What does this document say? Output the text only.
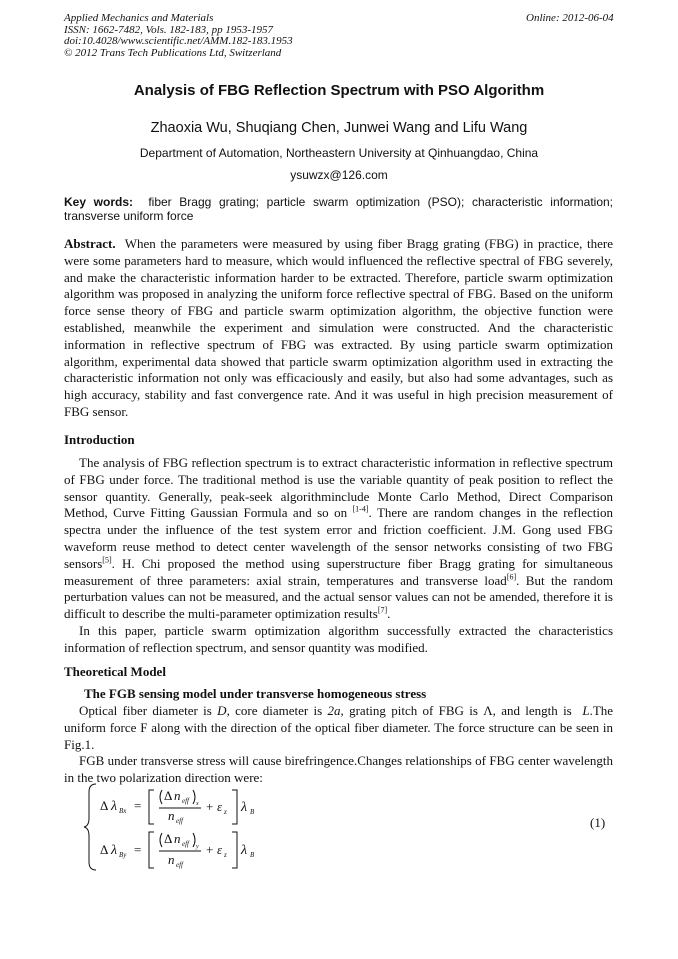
Applied Mechanics and Materials
ISSN: 1662-7482, Vols. 182-183, pp 1953-1957
doi:10.4028/www.scientific.net/AMM.182-183.1953
© 2012 Trans Tech Publications Ltd, Switzerland
Online: 2012-06-04
Analysis of FBG Reflection Spectrum with PSO Algorithm
Zhaoxia Wu, Shuqiang Chen, Junwei Wang and Lifu Wang
Department of Automation, Northeastern University at Qinhuangdao, China
ysuwzx@126.com
Key words: fiber Bragg grating; particle swarm optimization (PSO); characteristic information; transverse uniform force
Abstract. When the parameters were measured by using fiber Bragg grating (FBG) in practice, there were some parameters hard to measure, which would influenced the reflective spectral of FBG severely, and make the characteristic information harder to be extracted. Therefore, particle swarm optimization algorithm was proposed in analyzing the uniform force reflective spectral of FBG. Based on the uniform force sense theory of FBG and particle swarm optimization algorithm, the objective function were established, meanwhile the experiment and simulation were constructed. And the characteristic information in reflective spectrum of FBG was extracted. By using particle swarm optimization algorithm, experimental data showed that particle swarm optimization algorithm used in extracting the characteristic information not only was efficaciously and easily, but also had some advantages, such as high accuracy, stability and fast convergence rate. And it was useful in high precision measurement of FBG sensor.
Introduction

The analysis of FBG reflection spectrum is to extract characteristic information in reflective spectrum of FBG under force. The traditional method is use the variable quantity of peak position to reflect the sensor quantity. Generally, peak-seek algorithminclude Monte Carlo Method, Direct Comparison Method, Curve Fitting Gaussian Formula and so on [1-4]. There are random changes in the reflection spectra under the influence of the test system error and friction coefficient. J.M. Gong used FBG waveform reuse method to detect center wavelength of the sensor networks consisting of two FBG sensors[5]. H. Chi proposed the method using superstructure fiber Bragg grating for simultaneous measurement of three parameters: axial strain, temperatures and transverse load[6]. But the random perturbation values can not be measured, and the actual sensor values can not be amended, therefore it is difficult to describe the multi-parameter optimization results[7].

In this paper, particle swarm optimization algorithm successfully extracted the characteristics information of reflection spectrum, and sensor quantity was modified.

Theoretical Model
The FGB sensing model under transverse homogeneous stress

Optical fiber diameter is D, core diameter is 2a, grating pitch of FBG is Λ, and length is L.The uniform force F along with the direction of the optical fiber diameter. The force structure can be seen in Fig.1.

FGB under transverse stress will cause birefringence.Changes relationships of FBG center wavelength in the two polarization direction were:

Δ λ Bx =
Δ n eff x
n eff
+ ε z λ B
Δ λ By =
Δ n eff y
n eff
+ ε z λ B
(1)
